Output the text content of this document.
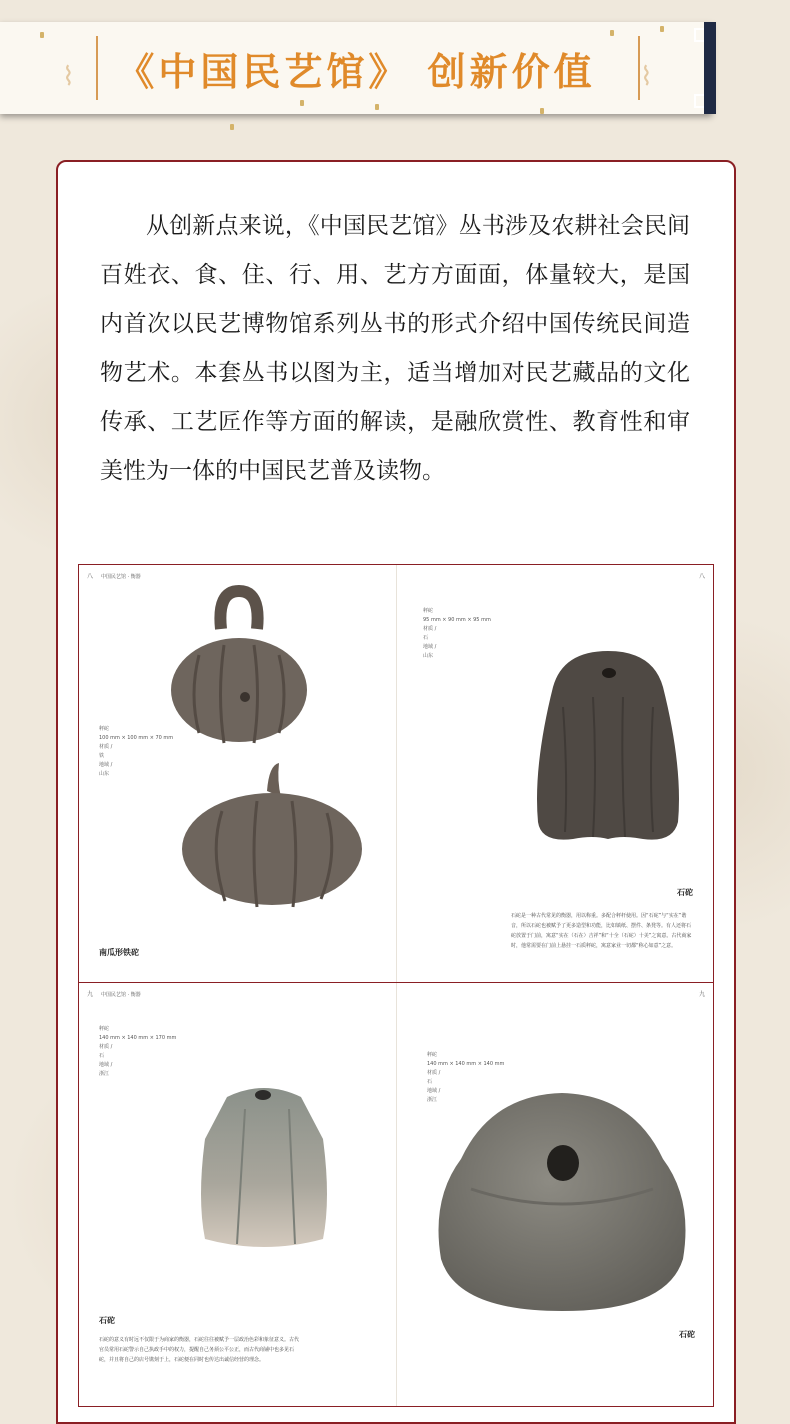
⌇	⌇
《中国民艺馆》 创新价值

从创新点来说，《中国民艺馆》丛书涉及农耕社会民间百姓衣、食、住、行、用、艺方方面面，体量较大，是国内首次以民艺博物馆系列丛书的形式介绍中国传统民间造物艺术。本套丛书以图为主，适当增加对民艺藏品的文化传承、工艺匠作等方面的解读，是融欣赏性、教育性和审美性为一体的中国民艺普及读物。

八 中国民艺馆 · 衡器	八
秤砣
100 mm × 100 mm × 70 mm
材质 /
铁
地域 /
山东
南瓜形铁砣
秤砣
95 mm × 90 mm × 95 mm
材质 /
石
地域 /
山东
石砣
石砣是一种古代常见的衡器，用以称重。多配合秤杆使用。因“石砣”与“实在”谐音，所以石砣也被赋予了更多造型和功能，比如镇纸、摆件、条凳等。有人还将石砣放置于门前，寓意“实在（石在）吉祥”和“十全（石砣）十美”之寓意。古代商家时，他常需要在门前上悬挂一石质秤砣，寓意家业一切都“称心如意”之意。
九 中国民艺馆 · 衡器	九
秤砣
140 mm × 140 mm × 170 mm
材质 /
石
地域 /
浙江
石砣
石砣的意义有时远不仅限于为商家的衡器，石砣往往被赋予一层政治色彩和象征意义。古代官员常用石砣警示自己执政手中的权力，提醒自己务须公平公正，而古代商铺中也多见石砣，并且将自己的店号镌刻于上，石砣便在同时也传达出诚信经营的理念。
秤砣
140 mm × 140 mm × 140 mm
材质 /
石
地域 /
浙江
石砣
